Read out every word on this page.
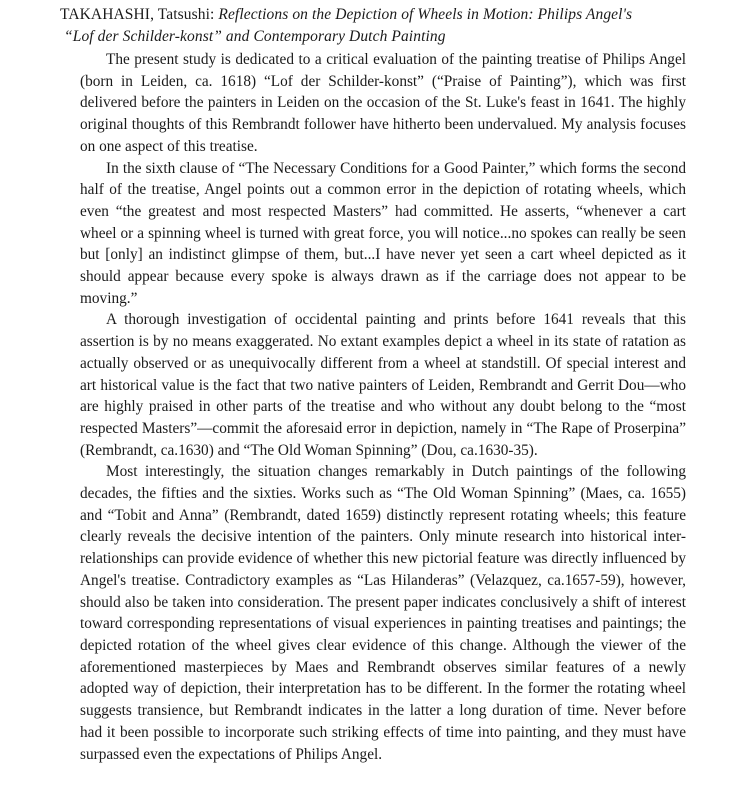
TAKAHASHI, Tatsushi: Reflections on the Depiction of Wheels in Motion: Philips Angel's
“Lof der Schilder-konst” and Contemporary Dutch Painting

The present study is dedicated to a critical evaluation of the painting treatise of Philips Angel (born in Leiden, ca. 1618) “Lof der Schilder-konst” (“Praise of Painting”), which was first delivered before the painters in Leiden on the occasion of the St. Luke's feast in 1641. The highly original thoughts of this Rembrandt follower have hitherto been undervalued. My analysis focuses on one aspect of this treatise.

In the sixth clause of “The Necessary Conditions for a Good Painter,” which forms the second half of the treatise, Angel points out a common error in the depiction of rotating wheels, which even “the greatest and most respected Masters” had committed. He asserts, “whenever a cart wheel or a spinning wheel is turned with great force, you will notice...no spokes can really be seen but [only] an indistinct glimpse of them, but...I have never yet seen a cart wheel depicted as it should appear because every spoke is always drawn as if the carriage does not appear to be moving.”

A thorough investigation of occidental painting and prints before 1641 reveals that this assertion is by no means exaggerated. No extant examples depict a wheel in its state of ratation as actually observed or as unequivocally different from a wheel at standstill. Of special interest and art historical value is the fact that two native painters of Leiden, Rembrandt and Gerrit Dou—who are highly praised in other parts of the treatise and who without any doubt belong to the “most respected Masters”—commit the aforesaid error in depiction, namely in “The Rape of Proserpina” (Rembrandt, ca.1630) and “The Old Woman Spinning” (Dou, ca.1630-35).

Most interestingly, the situation changes remarkably in Dutch paintings of the following decades, the fifties and the sixties. Works such as “The Old Woman Spinning” (Maes, ca. 1655) and “Tobit and Anna” (Rembrandt, dated 1659) distinctly represent rotating wheels; this feature clearly reveals the decisive intention of the painters. Only minute research into historical inter-relationships can provide evidence of whether this new pictorial feature was directly influenced by Angel's treatise. Contradictory examples as “Las Hilanderas” (Velazquez, ca.1657-59), however, should also be taken into consideration. The present paper indicates conclusively a shift of interest toward corresponding representations of visual experiences in painting treatises and paintings; the depicted rotation of the wheel gives clear evidence of this change. Although the viewer of the aforementioned masterpieces by Maes and Rembrandt observes similar features of a newly adopted way of depiction, their interpretation has to be different. In the former the rotating wheel suggests transience, but Rembrandt indicates in the latter a long duration of time. Never before had it been possible to incorporate such striking effects of time into painting, and they must have surpassed even the expectations of Philips Angel.
